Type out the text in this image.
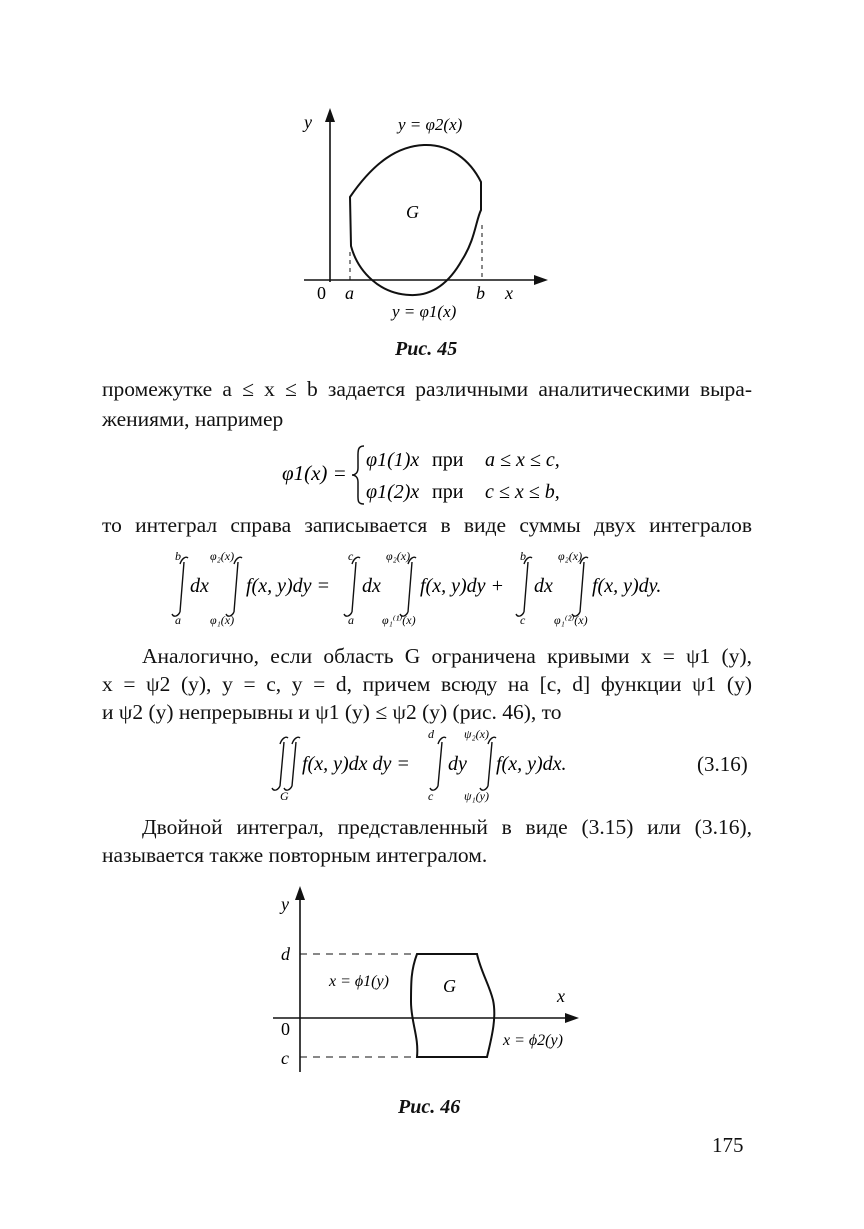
y	y = φ2(x)
G
0 a	b x
y = φ1(x)
Рис. 45
промежутке a ≤ x ≤ b задается различными аналитическими выра-
жениями, например
φ1(x) =
φ1(1)x при a ≤ x ≤ c,
φ1(2)x при c ≤ x ≤ b,
то интеграл справа записывается в виде суммы двух интегралов
b
a
dx
φ₂(x)
φ₁(x)
f(x, y)dy =
c
a
dx
φ₂(x)
φ₁⁽¹⁾(x)
f(x, y)dy +
b
c
dx
φ₂(x)
φ₁⁽²⁾(x)
f(x, y)dy.
Аналогично, если область G ограничена кривыми x = ψ1 (y),
x = ψ2 (y), y = c, y = d, причем всюду на [c, d] функции ψ1 (y)
и ψ2 (y) непрерывны и ψ1 (y) ≤ ψ2 (y) (рис. 46), то
G
f(x, y)dx dy =
d
c
dy
ψ₂(x)
ψ₁(y)
f(x, y)dx.	(3.16)
Двойной интеграл, представленный в виде (3.15) или (3.16),
называется также повторным интегралом.
y
d
x = ϕ1(y)	G	x
0
x = ϕ2(y)
c
Рис. 46
175
